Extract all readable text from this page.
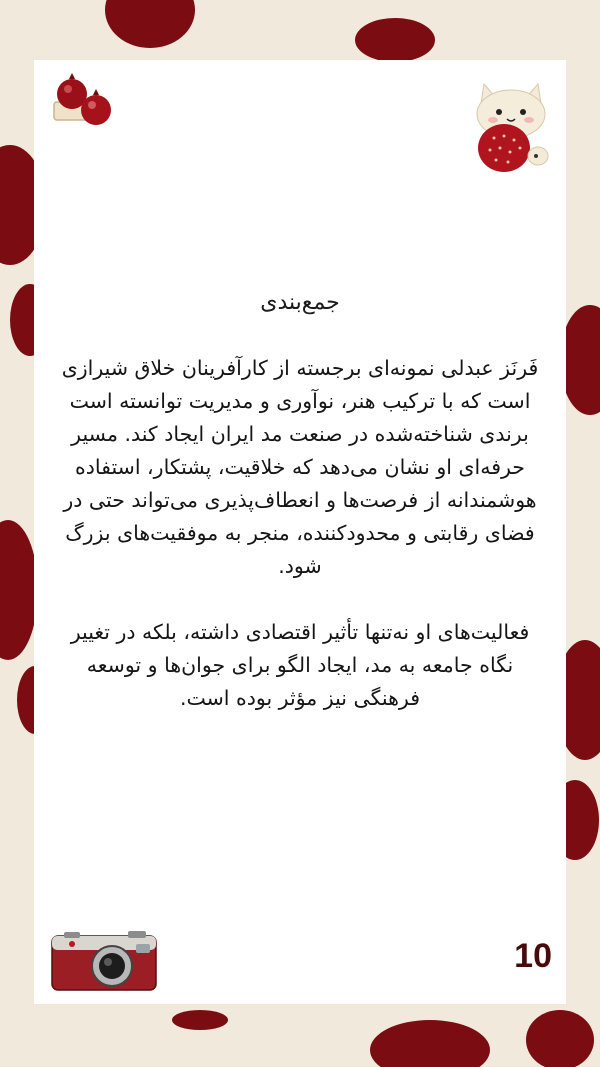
جمع‌بندی

فَرنَز عبدلی نمونه‌ای برجسته از کارآفرینان خلاق شیرازی است که با ترکیب هنر، نوآوری و مدیریت توانسته است برندی شناخته‌شده در صنعت مد ایران ایجاد کند. مسیر حرفه‌ای او نشان می‌دهد که خلاقیت، پشتکار، استفاده هوشمندانه از فرصت‌ها و انعطاف‌پذیری می‌تواند حتی در فضای رقابتی و محدودکننده، منجر به موفقیت‌های بزرگ شود.

فعالیت‌های او نه‌تنها تأثیر اقتصادی داشته، بلکه در تغییر نگاه جامعه به مد، ایجاد الگو برای جوان‌ها و توسعه فرهنگی نیز مؤثر بوده است.

10
